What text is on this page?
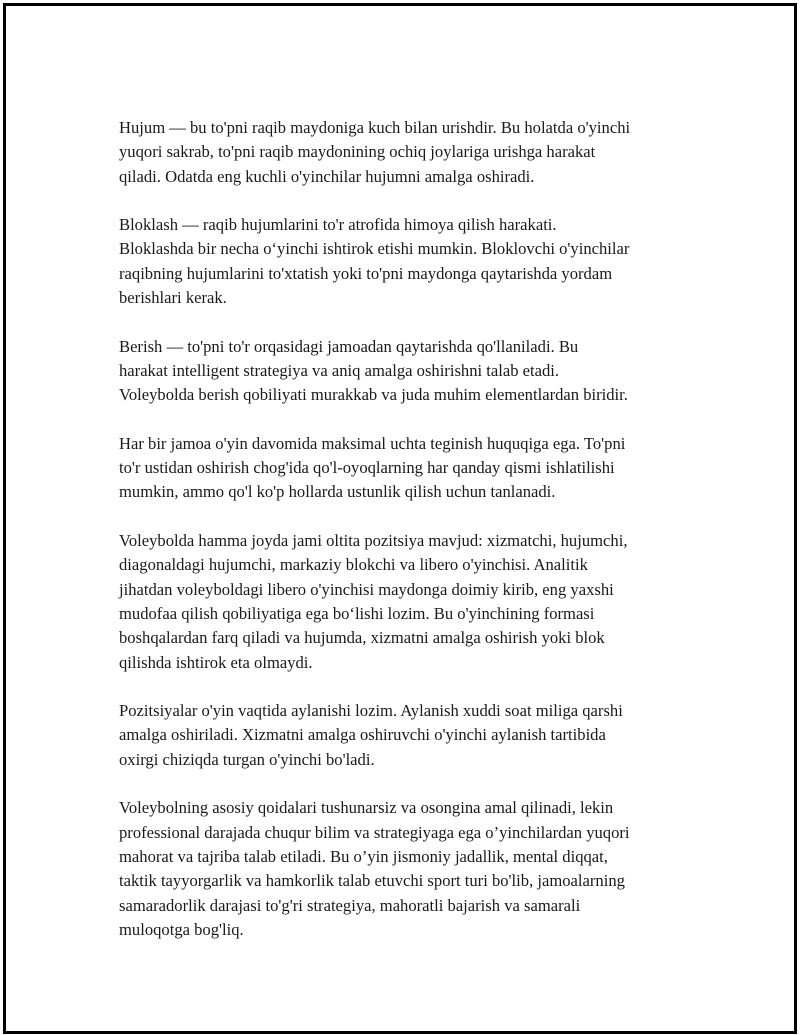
Hujum — bu to'pni raqib maydoniga kuch bilan urishdir. Bu holatda o'yinchi
yuqori sakrab, to'pni raqib maydonining ochiq joylariga urishga harakat
qiladi. Odatda eng kuchli o'yinchilar hujumni amalga oshiradi.

Bloklash — raqib hujumlarini to'r atrofida himoya qilish harakati.
Bloklashda bir necha o‘yinchi ishtirok etishi mumkin. Bloklovchi o'yinchilar
raqibning hujumlarini to'xtatish yoki to'pni maydonga qaytarishda yordam
berishlari kerak.

Berish — to'pni to'r orqasidagi jamoadan qaytarishda qo'llaniladi. Bu
harakat intelligent strategiya va aniq amalga oshirishni talab etadi.
Voleybolda berish qobiliyati murakkab va juda muhim elementlardan biridir.

Har bir jamoa o'yin davomida maksimal uchta teginish huquqiga ega. To'pni
to'r ustidan oshirish chog'ida qo'l-oyoqlarning har qanday qismi ishlatilishi
mumkin, ammo qo'l ko'p hollarda ustunlik qilish uchun tanlanadi.

Voleybolda hamma joyda jami oltita pozitsiya mavjud: xizmatchi, hujumchi,
diagonaldagi hujumchi, markaziy blokchi va libero o'yinchisi. Analitik
jihatdan voleyboldagi libero o'yinchisi maydonga doimiy kirib, eng yaxshi
mudofaa qilish qobiliyatiga ega bo‘lishi lozim. Bu o'yinchining formasi
boshqalardan farq qiladi va hujumda, xizmatni amalga oshirish yoki blok
qilishda ishtirok eta olmaydi.

Pozitsiyalar o'yin vaqtida aylanishi lozim. Aylanish xuddi soat miliga qarshi
amalga oshiriladi. Xizmatni amalga oshiruvchi o'yinchi aylanish tartibida
oxirgi chiziqda turgan o'yinchi bo'ladi.

Voleybolning asosiy qoidalari tushunarsiz va osongina amal qilinadi, lekin
professional darajada chuqur bilim va strategiyaga ega o’yinchilardan yuqori
mahorat va tajriba talab etiladi. Bu o’yin jismoniy jadallik, mental diqqat,
taktik tayyorgarlik va hamkorlik talab etuvchi sport turi bo'lib, jamoalarning
samaradorlik darajasi to'g'ri strategiya, mahoratli bajarish va samarali
muloqotga bog'liq.
